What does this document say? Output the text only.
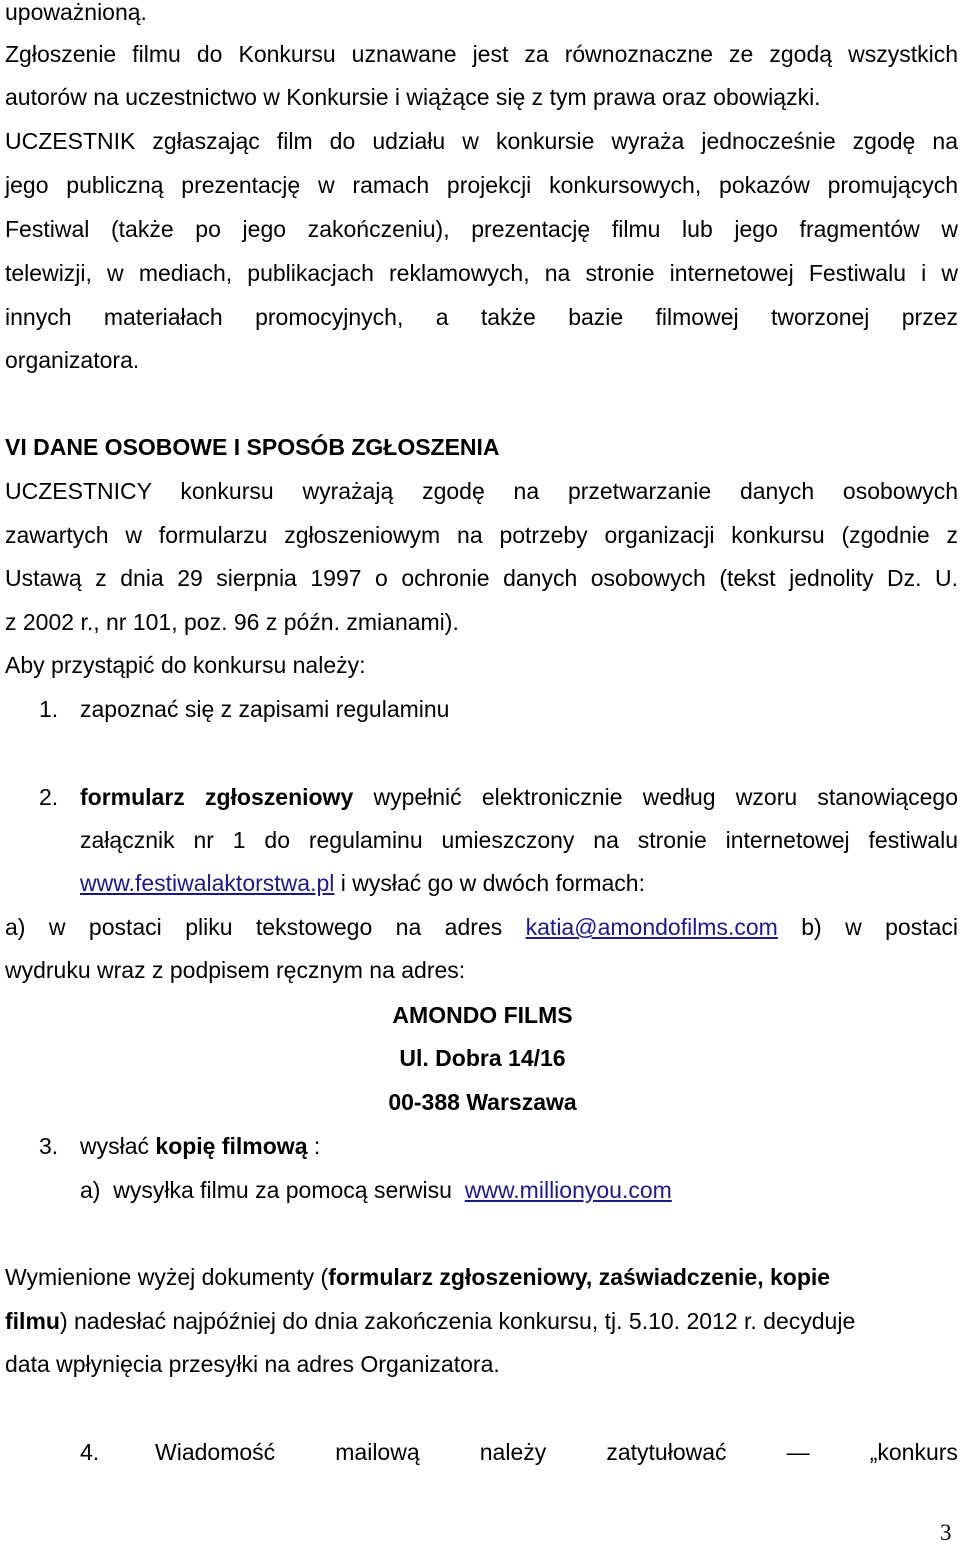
upoważnioną.
Zgłoszenie filmu do Konkursu uznawane jest za równoznaczne ze zgodą wszystkich
autorów na uczestnictwo w Konkursie i wiążące się z tym prawa oraz obowiązki.
UCZESTNIK zgłaszając film do udziału w konkursie wyraża jednocześnie zgodę na
jego publiczną prezentację w ramach projekcji konkursowych, pokazów promujących
Festiwal (także po jego zakończeniu), prezentację filmu lub jego fragmentów w
telewizji, w mediach, publikacjach reklamowych, na stronie internetowej Festiwalu i w
innych materiałach promocyjnych, a także bazie filmowej tworzonej przez
organizatora.
VI DANE OSOBOWE I SPOSÓB ZGŁOSZENIA
UCZESTNICY konkursu wyrażają zgodę na przetwarzanie danych osobowych
zawartych w formularzu zgłoszeniowym na potrzeby organizacji konkursu (zgodnie z
Ustawą z dnia 29 sierpnia 1997 o ochronie danych osobowych (tekst jednolity Dz. U.
z 2002 r., nr 101, poz. 96 z późn. zmianami).
Aby przystąpić do konkursu należy:
1. zapoznać się z zapisami regulaminu
2. formularz zgłoszeniowy wypełnić elektronicznie według wzoru stanowiącego
załącznik nr 1 do regulaminu umieszczony na stronie internetowej festiwalu
www.festiwalaktorstwa.pl i wysłać go w dwóch formach:
a) w postaci pliku tekstowego na adres katia@amondofilms.com b) w postaci
wydruku wraz z podpisem ręcznym na adres:
AMONDO FILMS
Ul. Dobra 14/16
00-388 Warszawa
3. wysłać kopię filmową :
a)  wysyłka filmu za pomocą serwisu  www.millionyou.com
Wymienione wyżej dokumenty (formularz zgłoszeniowy, zaświadczenie, kopie
filmu) nadesłać najpóźniej do dnia zakończenia konkursu, tj. 5.10. 2012 r. decyduje
data wpłynięcia przesyłki na adres Organizatora.
4. Wiadomość	mailową	należy	zatytułować	—	„konkurs
3
